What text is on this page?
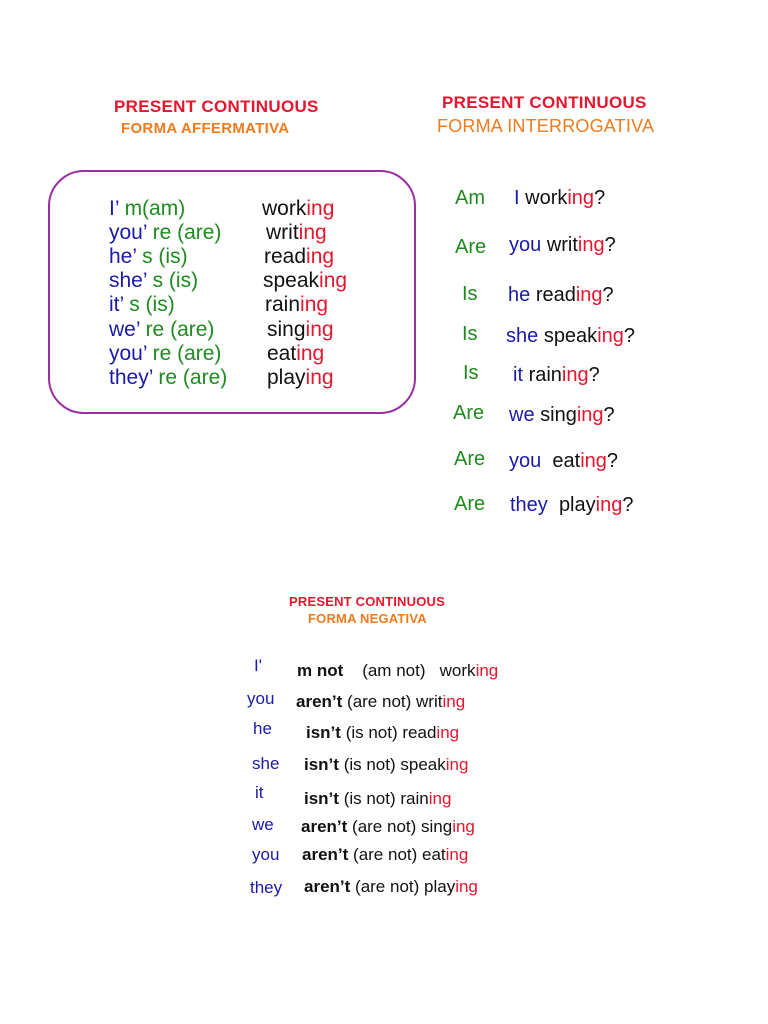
PRESENT CONTINUOUS
FORMA AFFERMATIVA
I’ m(am)	working
you’ re (are) writing
he’ s (is)	reading
she’ s (is)	speaking
it’ s (is)	raining
we’ re (are)	singing
you’ re (are) eating
they’ re (are) playing
PRESENT CONTINUOUS
FORMA INTERROGATIVA
Am I working?
Are you writing?
Is he reading?
Is she speaking?
Is it raining?
Are we singing?
Are you eating?
Are they playing?
PRESENT CONTINUOUS
FORMA NEGATIVA
I' m not (am not) working
you aren’t (are not) writing
he isn’t (is not) reading
she isn’t (is not) speaking
it isn’t (is not) raining
we aren’t (are not) singing
you aren’t (are not) eating
they aren’t (are not) playing
